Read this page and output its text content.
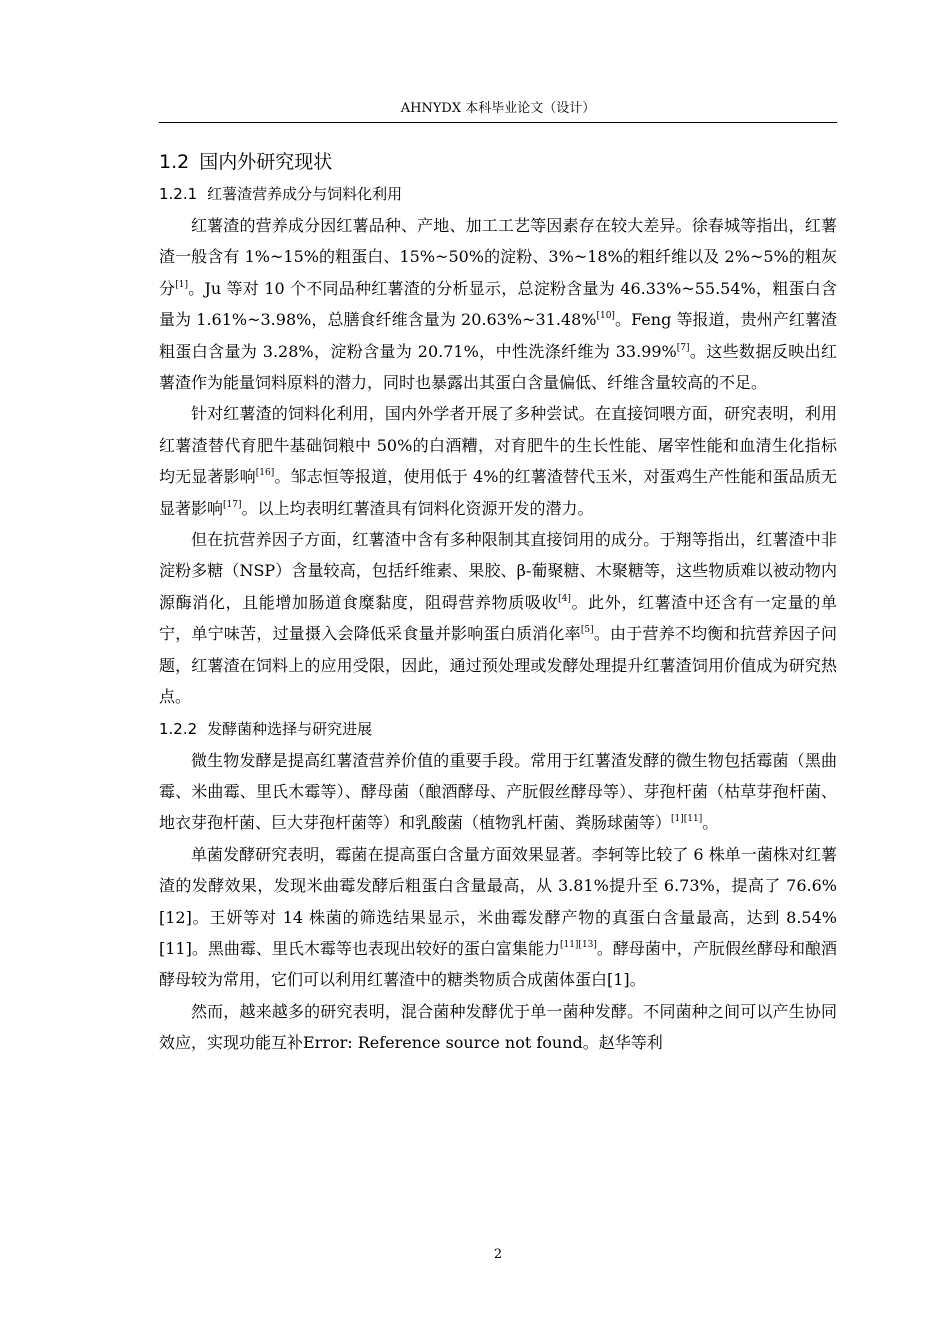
AHNYDX 本科毕业论文（设计）
1.2 国内外研究现状
1.2.1 红薯渣营养成分与饲料化利用

红薯渣的营养成分因红薯品种、产地、加工工艺等因素存在较大差异。徐春城等指出，红薯渣一般含有 1%~15%的粗蛋白、15%~50%的淀粉、3%~18%的粗纤维以及 2%~5%的粗灰分[1]。Ju 等对 10 个不同品种红薯渣的分析显示，总淀粉含量为 46.33%~55.54%，粗蛋白含量为 1.61%~3.98%，总膳食纤维含量为 20.63%~31.48%[10]。Feng 等报道，贵州产红薯渣粗蛋白含量为 3.28%，淀粉含量为 20.71%，中性洗涤纤维为 33.99%[7]。这些数据反映出红薯渣作为能量饲料原料的潜力，同时也暴露出其蛋白含量偏低、纤维含量较高的不足。

针对红薯渣的饲料化利用，国内外学者开展了多种尝试。在直接饲喂方面，研究表明，利用红薯渣替代育肥牛基础饲粮中 50%的白酒糟，对育肥牛的生长性能、屠宰性能和血清生化指标均无显著影响[16]。邹志恒等报道，使用低于 4%的红薯渣替代玉米，对蛋鸡生产性能和蛋品质无显著影响[17]。以上均表明红薯渣具有饲料化资源开发的潜力。

但在抗营养因子方面，红薯渣中含有多种限制其直接饲用的成分。于翔等指出，红薯渣中非淀粉多糖（NSP）含量较高，包括纤维素、果胶、β-葡聚糖、木聚糖等，这些物质难以被动物内源酶消化，且能增加肠道食糜黏度，阻碍营养物质吸收[4]。此外，红薯渣中还含有一定量的单宁，单宁味苦，过量摄入会降低采食量并影响蛋白质消化率[5]。由于营养不均衡和抗营养因子问题，红薯渣在饲料上的应用受限，因此，通过预处理或发酵处理提升红薯渣饲用价值成为研究热点。

1.2.2 发酵菌种选择与研究进展

微生物发酵是提高红薯渣营养价值的重要手段。常用于红薯渣发酵的微生物包括霉菌（黑曲霉、米曲霉、里氏木霉等）、酵母菌（酿酒酵母、产朊假丝酵母等）、芽孢杆菌（枯草芽孢杆菌、地衣芽孢杆菌、巨大芽孢杆菌等）和乳酸菌（植物乳杆菌、粪肠球菌等）[1][11]。

单菌发酵研究表明，霉菌在提高蛋白含量方面效果显著。李轲等比较了 6 株单一菌株对红薯渣的发酵效果，发现米曲霉发酵后粗蛋白含量最高，从 3.81%提升至 6.73%，提高了 76.6%[12]。王妍等对 14 株菌的筛选结果显示，米曲霉发酵产物的真蛋白含量最高，达到 8.54%[11]。黑曲霉、里氏木霉等也表现出较好的蛋白富集能力[11][13]。酵母菌中，产朊假丝酵母和酿酒酵母较为常用，它们可以利用红薯渣中的糖类物质合成菌体蛋白[1]。

然而，越来越多的研究表明，混合菌种发酵优于单一菌种发酵。不同菌种之间可以产生协同效应，实现功能互补Error: Reference source not found。赵华等利

2
